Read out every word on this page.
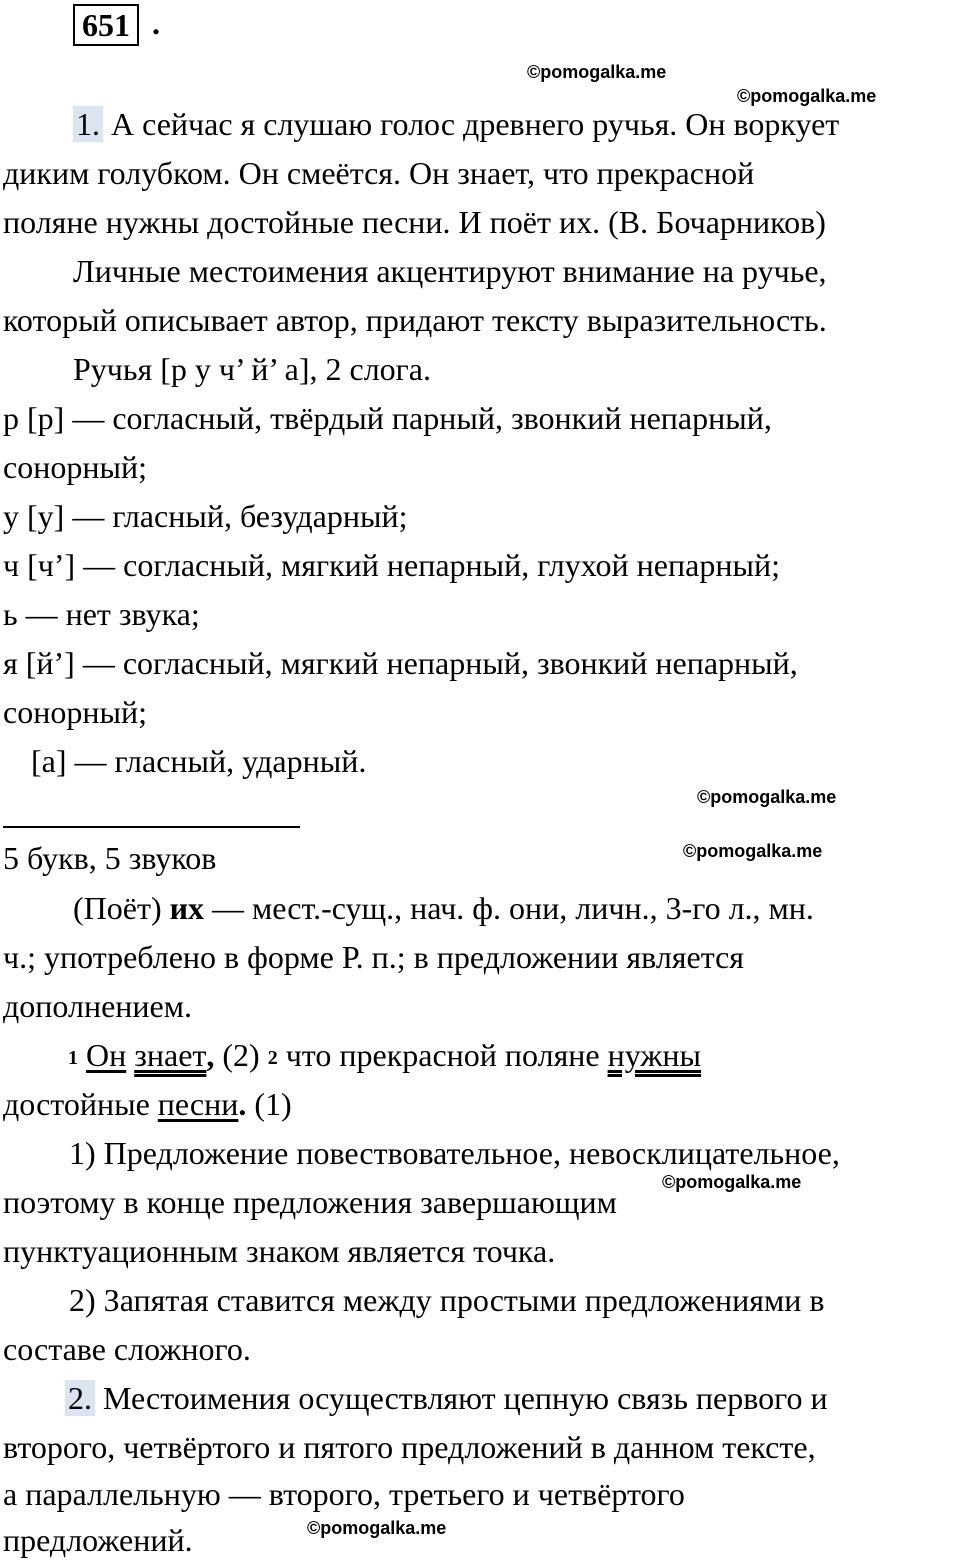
651 .
©pomogalka.me
©pomogalka.me
©pomogalka.me
©pomogalka.me
©pomogalka.me
©pomogalka.me
1. А сейчас я слушаю голос древнего ручья. Он воркует
диким голубком. Он смеётся. Он знает, что прекрасной
поляне нужны достойные песни. И поёт их. (В. Бочарников)
Личные местоимения акцентируют внимание на ручье,
который описывает автор, придают тексту выразительность.
Ручья [р у ч’ й’ а], 2 слога.
р [р] — согласный, твёрдый парный, звонкий непарный,
сонорный;
у [у] — гласный, безударный;
ч [ч’] — согласный, мягкий непарный, глухой непарный;
ь — нет звука;
я [й’] — согласный, мягкий непарный, звонкий непарный,
сонорный;
[а] — гласный, ударный.
5 букв, 5 звуков
(Поёт) их — мест.-сущ., нач. ф. они, личн., 3-го л., мн.
ч.; употреблено в форме Р. п.; в предложении является
дополнением.
1 Он знает, (2) 2 что прекрасной поляне нужны
достойные песни. (1)
1) Предложение повествовательное, невосклицательное,
поэтому в конце предложения завершающим
пунктуационным знаком является точка.
2) Запятая ставится между простыми предложениями в
составе сложного.
2. Местоимения осуществляют цепную связь первого и
второго, четвёртого и пятого предложений в данном тексте,
а параллельную — второго, третьего и четвёртого
предложений.
